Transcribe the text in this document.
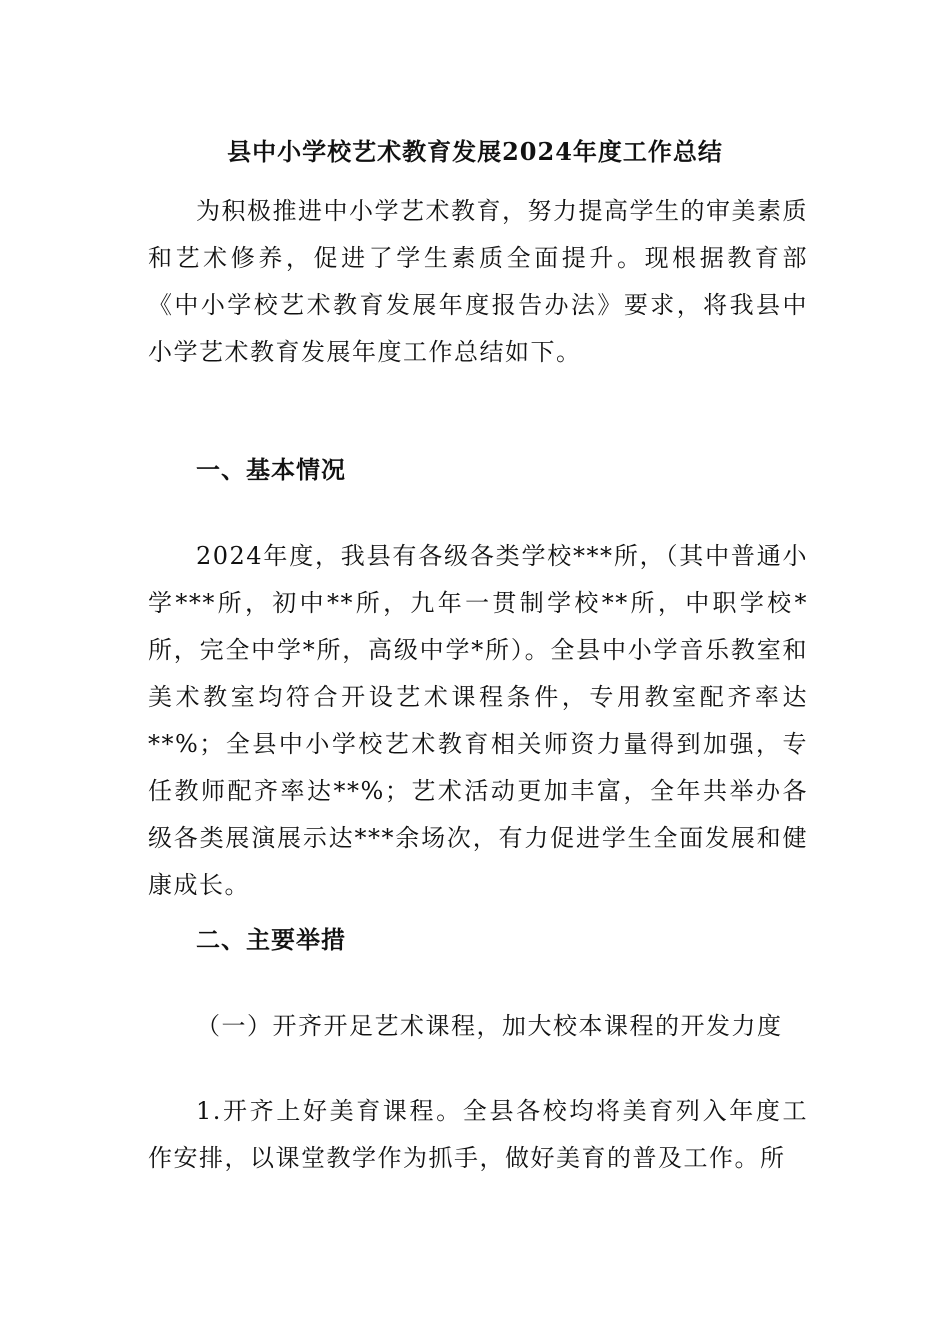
县中小学校艺术教育发展2024年度工作总结

为积极推进中小学艺术教育，努力提高学生的审美素质和艺术修养，促进了学生素质全面提升。现根据教育部《中小学校艺术教育发展年度报告办法》要求，将我县中小学艺术教育发展年度工作总结如下。

一、基本情况

2024年度，我县有各级各类学校***所，（其中普通小学***所，初中**所，九年一贯制学校**所，中职学校*所，完全中学*所，高级中学*所）。全县中小学音乐教室和美术教室均符合开设艺术课程条件，专用教室配齐率达**%；全县中小学校艺术教育相关师资力量得到加强，专任教师配齐率达**%；艺术活动更加丰富，全年共举办各级各类展演展示达***余场次，有力促进学生全面发展和健康成长。

二、主要举措

（一）开齐开足艺术课程，加大校本课程的开发力度

1.开齐上好美育课程。全县各校均将美育列入年度工作安排，以课堂教学作为抓手，做好美育的普及工作。所
